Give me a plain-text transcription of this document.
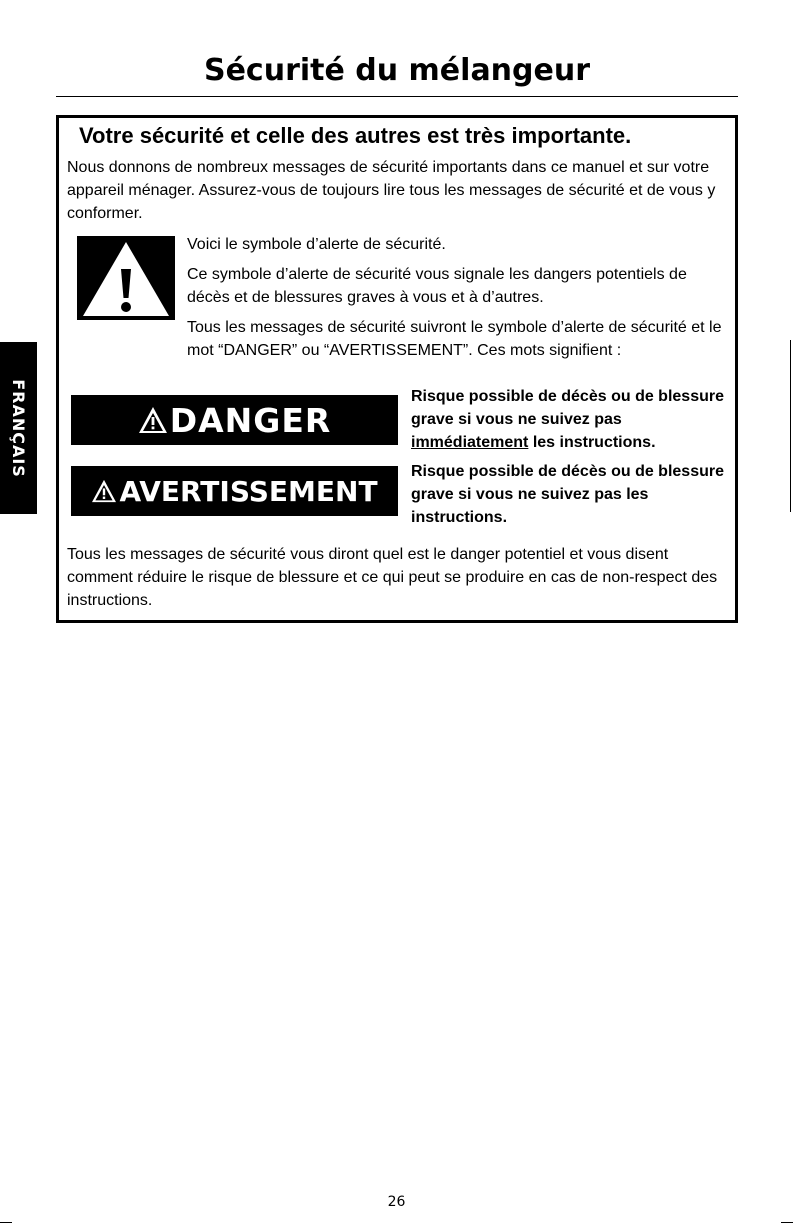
Sécurité du mélangeur
FRANÇAIS
Votre sécurité et celle des autres est très importante.

Nous donnons de nombreux messages de sécurité importants dans ce manuel et sur votre appareil ménager. Assurez-vous de toujours lire tous les messages de sécurité et de vous y conformer.

Voici le symbole d’alerte de sécurité.

Ce symbole d’alerte de sécurité vous signale les dangers potentiels de décès et de blessures graves à vous et à d’autres.

Tous les messages de sécurité suivront le symbole d’alerte de sécurité et le mot “DANGER” ou “AVERTISSEMENT”. Ces mots signifient :

DANGER

Risque possible de décès ou de blessure grave si vous ne suivez pas immédiatement les instructions.

AVERTISSEMENT

Risque possible de décès ou de blessure grave si vous ne suivez pas les instructions.

Tous les messages de sécurité vous diront quel est le danger potentiel et vous disent comment réduire le risque de blessure et ce qui peut se produire en cas de non-respect des instructions.

26
